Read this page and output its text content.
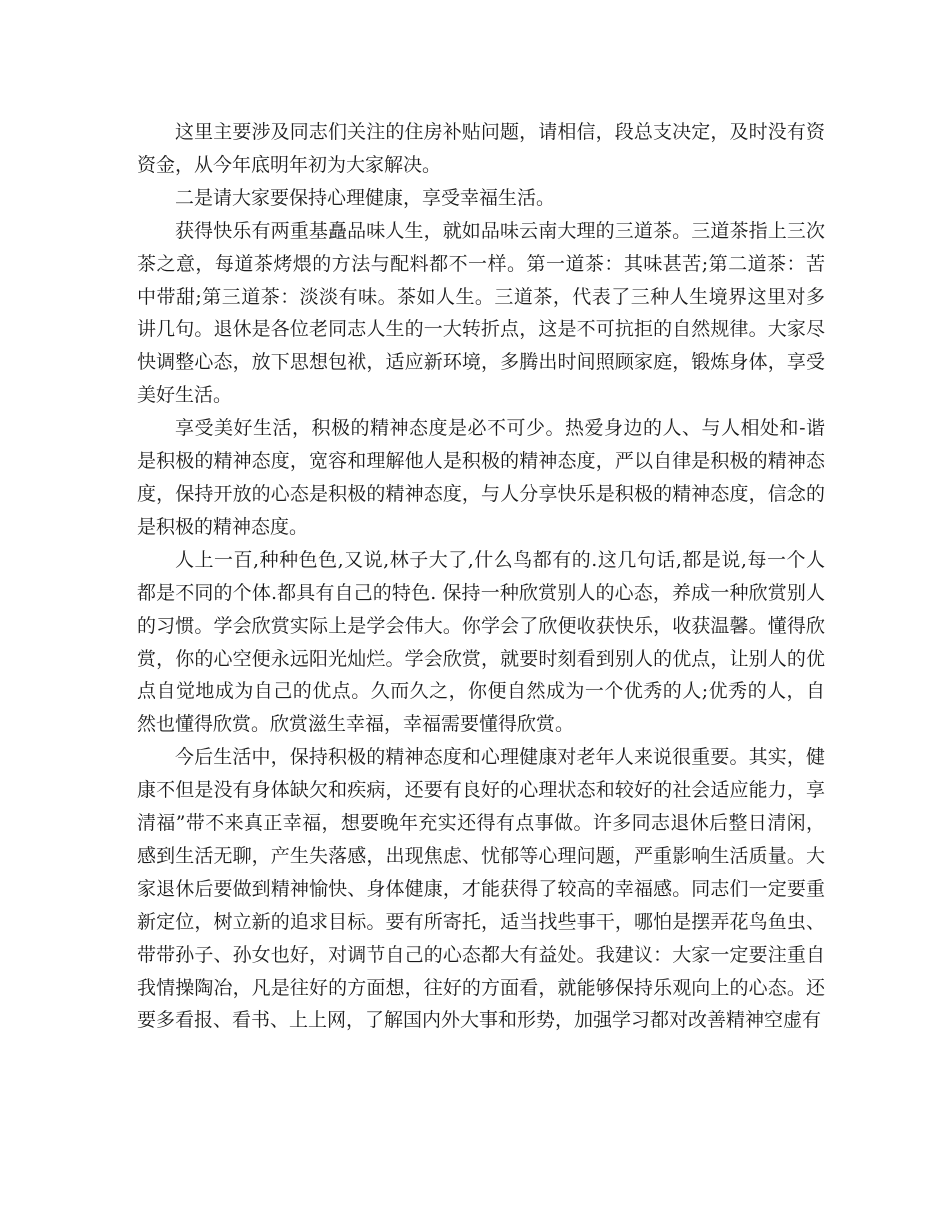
这里主要涉及同志们关注的住房补贴问题，请相信，段总支决定，及时没有资资金，从今年底明年初为大家解决。

二是请大家要保持心理健康，享受幸福生活。

获得快乐有两重基矗品味人生，就如品味云南大理的三道茶。三道茶指上三次茶之意，每道茶烤煨的方法与配料都不一样。第一道茶：其味甚苦;第二道茶：苦中带甜;第三道茶：淡淡有味。茶如人生。三道茶，代表了三种人生境界这里对多讲几句。退休是各位老同志人生的一大转折点，这是不可抗拒的自然规律。大家尽快调整心态，放下思想包袱，适应新环境，多腾出时间照顾家庭，锻炼身体，享受美好生活。

享受美好生活，积极的精神态度是必不可少。热爱身边的人、与人相处和-谐是积极的精神态度，宽容和理解他人是积极的精神态度，严以自律是积极的精神态度，保持开放的心态是积极的精神态度，与人分享快乐是积极的精神态度，信念的是积极的精神态度。

人上一百,种种色色,又说,林子大了,什么鸟都有的.这几句话,都是说,每一个人都是不同的个体.都具有自己的特色. 保持一种欣赏别人的心态，养成一种欣赏别人的习惯。学会欣赏实际上是学会伟大。你学会了欣便收获快乐，收获温馨。懂得欣赏，你的心空便永远阳光灿烂。学会欣赏，就要时刻看到别人的优点，让别人的优点自觉地成为自己的优点。久而久之，你便自然成为一个优秀的人;优秀的人，自然也懂得欣赏。欣赏滋生幸福，幸福需要懂得欣赏。

今后生活中，保持积极的精神态度和心理健康对老年人来说很重要。其实，健康不但是没有身体缺欠和疾病，还要有良好的心理状态和较好的社会适应能力，享清福”带不来真正幸福，想要晚年充实还得有点事做。许多同志退休后整日清闲，感到生活无聊，产生失落感，出现焦虑、忧郁等心理问题，严重影响生活质量。大家退休后要做到精神愉快、身体健康，才能获得了较高的幸福感。同志们一定要重新定位，树立新的追求目标。要有所寄托，适当找些事干，哪怕是摆弄花鸟鱼虫、带带孙子、孙女也好，对调节自己的心态都大有益处。我建议：大家一定要注重自我情操陶冶，凡是往好的方面想，往好的方面看，就能够保持乐观向上的心态。还要多看报、看书、上上网，了解国内外大事和形势，加强学习都对改善精神空虚有
